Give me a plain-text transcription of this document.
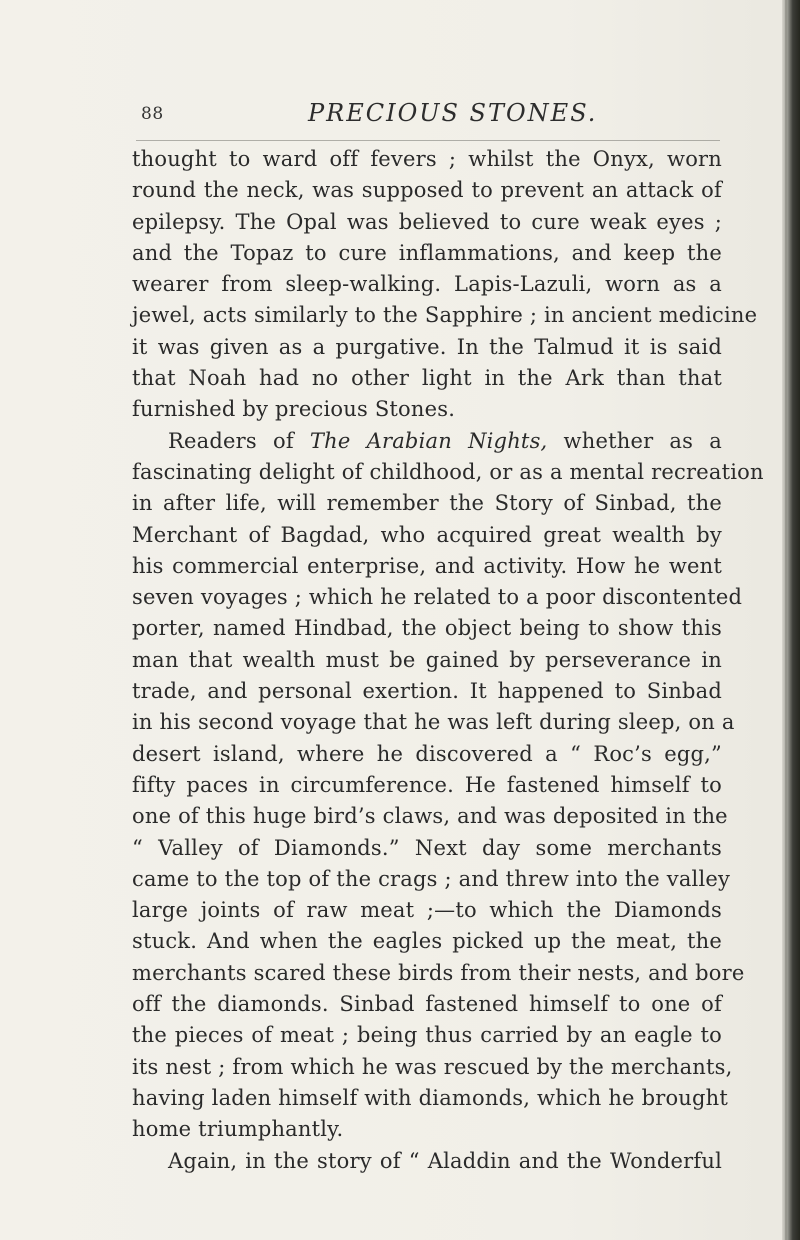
88	PRECIOUS STONES.
thought to ward off fevers ; whilst the Onyx, worn
round the neck, was supposed to prevent an attack of
epilepsy. The Opal was believed to cure weak eyes ;
and the Topaz to cure inflammations, and keep the
wearer from sleep-walking. Lapis-Lazuli, worn as a
jewel, acts similarly to the Sapphire ; in ancient medicine
it was given as a purgative. In the Talmud it is said
that Noah had no other light in the Ark than that
furnished by precious Stones.
Readers of The Arabian Nights, whether as a
fascinating delight of childhood, or as a mental recreation
in after life, will remember the Story of Sinbad, the
Merchant of Bagdad, who acquired great wealth by
his commercial enterprise, and activity. How he went
seven voyages ; which he related to a poor discontented
porter, named Hindbad, the object being to show this
man that wealth must be gained by perseverance in
trade, and personal exertion. It happened to Sinbad
in his second voyage that he was left during sleep, on a
desert island, where he discovered a “ Roc’s egg,”
fifty paces in circumference. He fastened himself to
one of this huge bird’s claws, and was deposited in the
“ Valley of Diamonds.” Next day some merchants
came to the top of the crags ; and threw into the valley
large joints of raw meat ;—to which the Diamonds
stuck. And when the eagles picked up the meat, the
merchants scared these birds from their nests, and bore
off the diamonds. Sinbad fastened himself to one of
the pieces of meat ; being thus carried by an eagle to
its nest ; from which he was rescued by the merchants,
having laden himself with diamonds, which he brought
home triumphantly.
Again, in the story of “ Aladdin and the Wonderful
